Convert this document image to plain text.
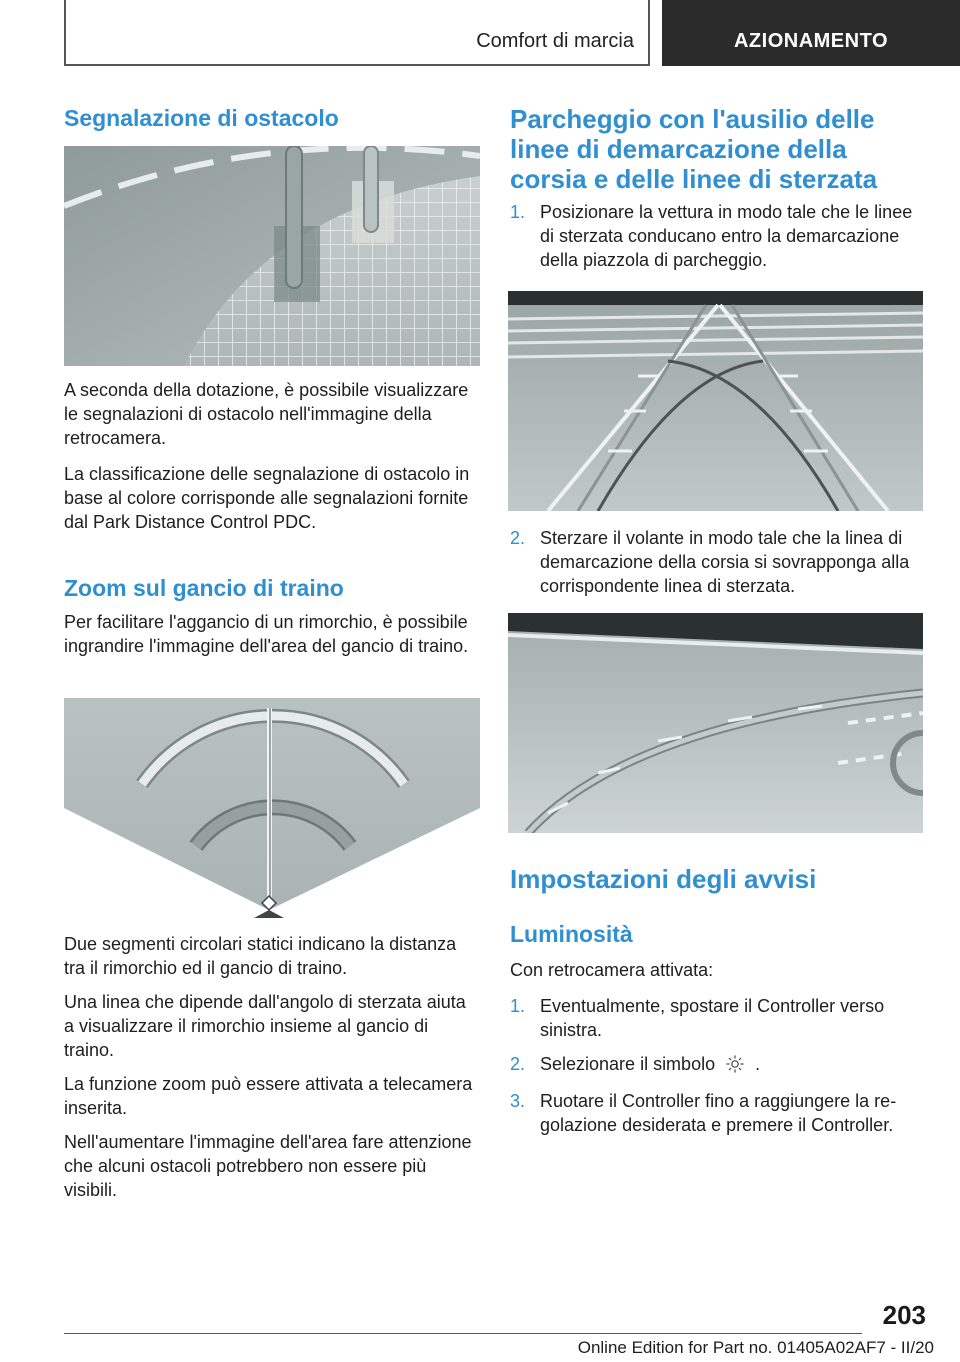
Comfort di marcia	AZIONAMENTO
Segnalazione di ostacolo

A seconda della dotazione, è possibile visualizzare le segnalazioni di ostacolo nell'immagine della retrocamera.

La classificazione delle segnalazione di ostacolo in base al colore corrisponde alle segnalazioni fornite dal Park Distance Control PDC.

Zoom sul gancio di traino

Per facilitare l'aggancio di un rimorchio, è possibile ingrandire l'immagine dell'area del gancio di traino.

Due segmenti circolari statici indicano la distanza tra il rimorchio ed il gancio di traino.

Una linea che dipende dall'angolo di sterzata aiuta a visualizzare il rimorchio insieme al gancio di traino.

La funzione zoom può essere attivata a telecamera inserita.

Nell'aumentare l'immagine dell'area fare attenzione che alcuni ostacoli potrebbero non essere più visibili.

Parcheggio con l'ausilio delle linee di demarcazione della corsia e delle linee di sterzata
1. Posizionare la vettura in modo tale che le linee di sterzata conducano entro la demarcazione della piazzola di parcheggio.
2. Sterzare il volante in modo tale che la linea di demarcazione della corsia si sovrapponga alla corrispondente linea di sterzata.
Impostazioni degli avvisi
Luminosità

Con retrocamera attivata:

1. Eventualmente, spostare il Controller verso sinistra.
2. Selezionare il simbolo .
3. Ruotare il Controller fino a raggiungere la regolazione desiderata e premere il Controller.
203
Online Edition for Part no. 01405A02AF7 - II/20
